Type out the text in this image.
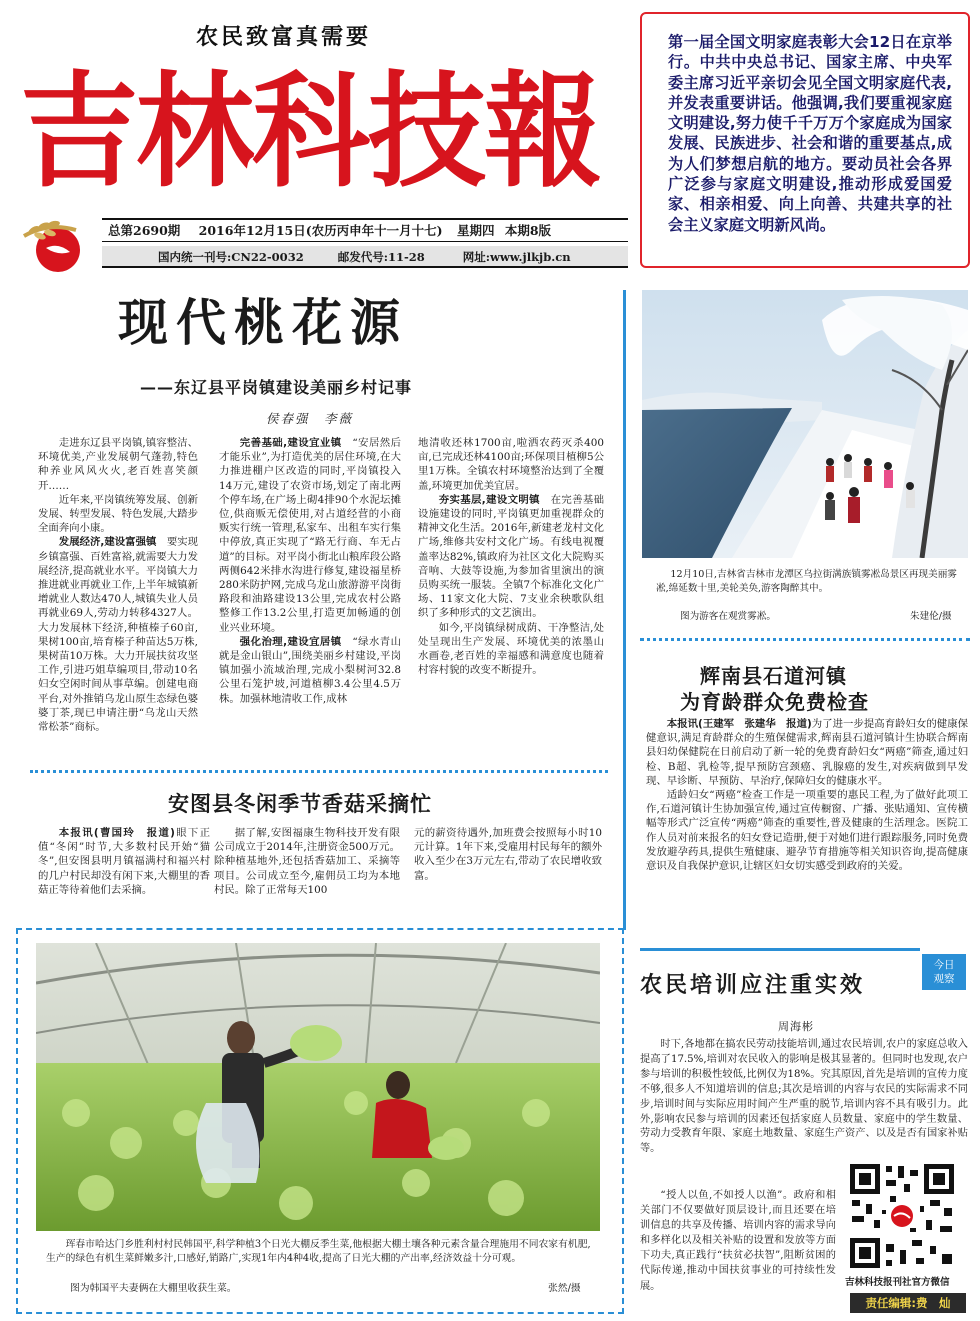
农民致富真需要
吉林科技報
总第2690期 2016年12月15日(农历丙申年十一月十七) 星期四 本期8版
国内统一刊号:CN22-0032	邮发代号:11-28	网址:www.jlkjb.cn
第一届全国文明家庭表彰大会12日在京举行。中共中央总书记、国家主席、中央军委主席习近平亲切会见全国文明家庭代表,并发表重要讲话。他强调,我们要重视家庭文明建设,努力使千千万万个家庭成为国家发展、民族进步、社会和谐的重要基点,成为人们梦想启航的地方。要动员社会各界广泛参与家庭文明建设,推动形成爱国爱家、相亲相爱、向上向善、共建共享的社会主义家庭文明新风尚。
现代桃花源
——东辽县平岗镇建设美丽乡村记事
侯春强　李薇

走进东辽县平岗镇,镇容整洁、环境优美,产业发展朝气蓬勃,特色种养业风风火火,老百姓喜笑颜开……

近年来,平岗镇统筹发展、创新发展、转型发展、特色发展,大踏步全面奔向小康。

发展经济,建设富强镇　 要实现乡镇富强、百姓富裕,就需要大力发展经济,提高就业水平。平岗镇大力推进就业再就业工作,上半年城镇新增就业人数达470人,城镇失业人员再就业69人,劳动力转移4327人。大力发展林下经济,种植榛子60亩,果树100亩,培育榛子种苗达5万株,果树苗10万株。大力开展扶贫攻坚工作,引进巧姐草编项目,带动10名妇女空闲时间从事草编。创建电商平台,对外推销乌龙山原生态绿色婆婆丁茶,现已申请注册“乌龙山天然常松茶”商标。

完善基础,建设宜业镇　 “安居然后才能乐业”,为打造优美的居住环境,在大力推进棚户区改造的同时,平岗镇投入14万元,建设了农资市场,划定了南北两个停车场,在广场上砌4排90个水泥坛摊位,供商贩无偿使用,对占道经营的小商贩实行统一管理,私家车、出租车实行集中停放,真正实现了“路无行商、车无占道”的目标。对平岗小街北山粮库段公路两侧642米排水沟进行修复,建设福星桥280米防护网,完成乌龙山旅游游平岗街路段和油路建设13公里,完成农村公路整修工作13.2公里,打造更加畅通的创业兴业环境。

强化治理,建设宜居镇　 “绿水青山就是金山银山”,围绕美丽乡村建设,平岗镇加强小流域治理,完成小梨树河32.8公里石笼护坡,河道植柳3.4公里4.5万株。加强林地清收工作,成林

地清收还林1700亩,啦洒农药灭杀400亩,已完成还林4100亩;环保项目植柳5公里1万株。全镇农村环境整治达到了全覆盖,环境更加优美宜居。

夯实基层,建设文明镇　 在完善基础设施建设的同时,平岗镇更加重视群众的精神文化生活。2016年,新建老龙村文化广场,维修共安村文化广场。有线电视覆盖率达82%,镇政府为社区文化大院购买音响、大鼓等设施,为参加省里演出的演员购买统一服装。全镇7个标准化文化广场、11家文化大院、7支业余秧歌队组织了多种形式的文艺演出。

如今,平岗镇绿树成荫、干净整洁,处处呈现出生产发展、环境优美的浓墨山水画卷,老百姓的幸福感和满意度也随着村容村貌的改变不断提升。

安图县冬闲季节香菇采摘忙

本报讯(曹国玲　报道)眼下正值“冬闲”时节,大多数村民开始“猫冬”,但安图县明月镇福满村和福兴村的几户村民却没有闲下来,大棚里的香菇正等待着他们去采摘。

据了解,安图福康生物科技开发有限公司成立于2014年,注册资金500万元。除种植基地外,还包括香菇加工、采摘等项目。公司成立至今,雇佣员工均为本地村民。除了正常每天100

元的薪资待遇外,加班费会按照每小时10元计算。1年下来,受雇用村民每年的额外收入至少在3万元左右,带动了农民增收致富。

12月10日,吉林省吉林市龙潭区乌拉街满族镇雾凇岛景区再现美丽雾凇,绵延数十里,美轮美奂,游客陶醉其中。
图为游客在观赏雾凇。	朱建伦/摄
辉南县石道河镇
为育龄群众免费检查

本报讯(王建军　张建华　报道)为了进一步提高育龄妇女的健康保健意识,满足育龄群众的生殖保健需求,辉南县石道河镇计生协联合辉南县妇幼保健院在日前启动了新一轮的免费育龄妇女“两癌”筛查,通过妇检、B超、乳检等,提早预防宫颈癌、乳腺癌的发生,对疾病做到早发现、早诊断、早预防、早治疗,保障妇女的健康水平。

适龄妇女“两癌”检查工作是一项重要的惠民工程,为了做好此项工作,石道河镇计生协加强宣传,通过宣传橱窗、广播、张贴通知、宣传横幅等形式广泛宣传“两癌”筛查的重要性,普及健康的生活理念。医院工作人员对前来报名的妇女登记造册,便于对她们进行跟踪服务,同时免费发放避孕药具,提供生殖健康、避孕节育措施等相关知识咨询,提高健康意识及自我保护意识,让辖区妇女切实感受到政府的关爱。

珲春市哈达门乡胜利村村民韩国平,科学种植3个日光大棚反季生菜,他根据大棚土壤各种元素含量合理施用不同农家有机肥,生产的绿色有机生菜鲜嫩多汁,口感好,销路广,实现1年内4种4收,提高了日光大棚的产出率,经济效益十分可观。
图为韩国平夫妻俩在大棚里收获生菜。	张然/摄
今日
观察
农民培训应注重实效
周海彬

时下,各地都在搞农民劳动技能培训,通过农民培训,农户的家庭总收入提高了17.5%,培训对农民收入的影响是极其显著的。但同时也发现,农户参与培训的积极性较低,比例仅为18%。究其原因,首先是培训的宣传力度不够,很多人不知道培训的信息;其次是培训的内容与农民的实际需求不同步,培训时间与实际应用时间产生严重的脱节,培训内容不具有吸引力。此外,影响农民参与培训的因素还包括家庭人员数量、家庭中的学生数量、劳动力受教育年限、家庭土地数量、家庭生产资产、以及是否有国家补贴等。

“授人以鱼,不如授人以渔”。政府和相关部门不仅要做好顶层设计,而且还要在培训信息的共享及传播、培训内容的需求导向和多样化以及相关补贴的设置和发放等方面下功夫,真正践行“扶贫必扶智”,阻断贫困的代际传递,推动中国扶贫事业的可持续性发展。	吉林科技报刊社官方微信
责任编辑:费　灿
